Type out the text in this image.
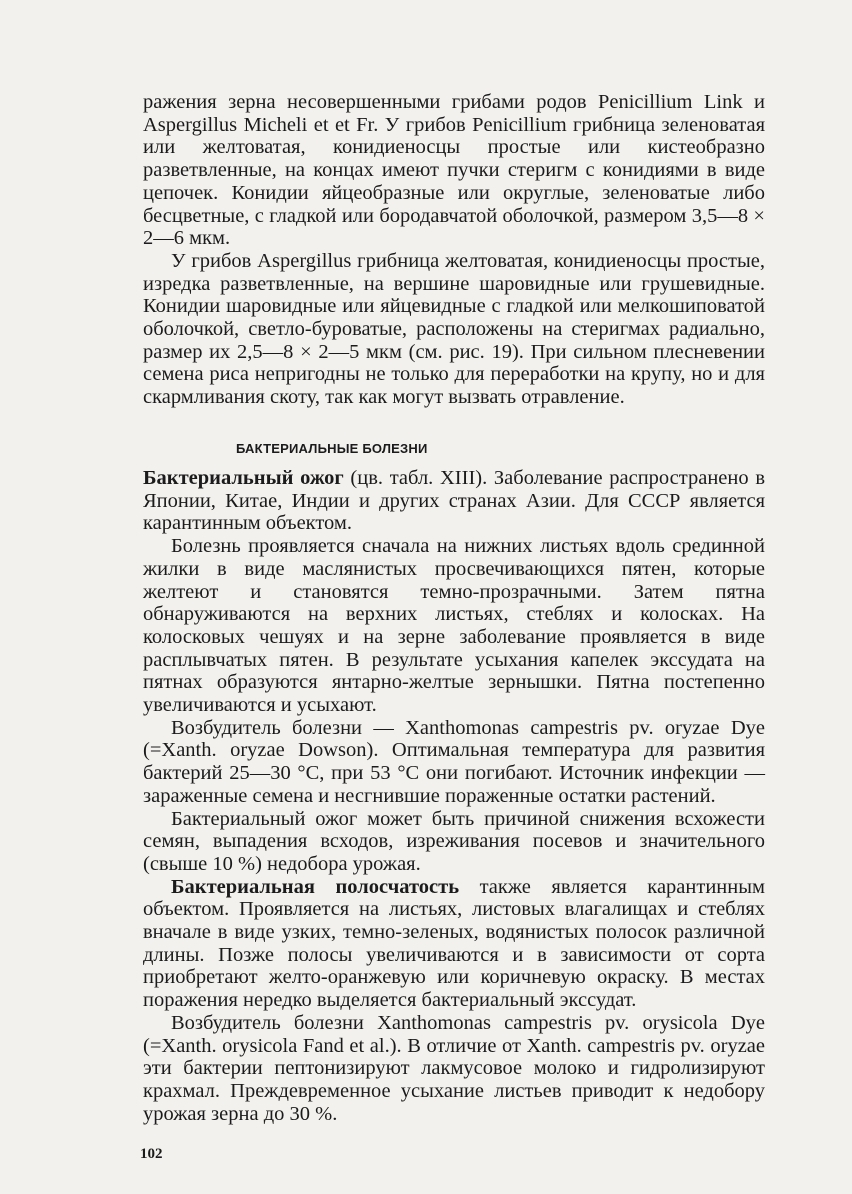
ражения зерна несовершенными грибами родов Penicillium Link и Aspergillus Micheli et et Fr. У грибов Penicillium грибница зеленоватая или желтоватая, конидиеносцы простые или кистеобразно разветвленные, на концах имеют пучки стеригм с конидиями в виде цепочек. Конидии яйцеобразные или округлые, зеленоватые либо бесцветные, с гладкой или бородавчатой оболочкой, размером 3,5—8 × 2—6 мкм.

У грибов Aspergillus грибница желтоватая, конидиеносцы простые, изредка разветвленные, на вершине шаровидные или грушевидные. Конидии шаровидные или яйцевидные с гладкой или мелкошиповатой оболочкой, светло-буроватые, расположены на стеригмах радиально, размер их 2,5—8 × 2—5 мкм (см. рис. 19). При сильном плесневении семена риса непригодны не только для переработки на крупу, но и для скармливания скоту, так как могут вызвать отравление.

БАКТЕРИАЛЬНЫЕ БОЛЕЗНИ

Бактериальный ожог (цв. табл. XIII). Заболевание распространено в Японии, Китае, Индии и других странах Азии. Для СССР является карантинным объектом.

Болезнь проявляется сначала на нижних листьях вдоль срединной жилки в виде маслянистых просвечивающихся пятен, которые желтеют и становятся темно-прозрачными. Затем пятна обнаруживаются на верхних листьях, стеблях и колосках. На колосковых чешуях и на зерне заболевание проявляется в виде расплывчатых пятен. В результате усыхания капелек экссудата на пятнах образуются янтарно-желтые зернышки. Пятна постепенно увеличиваются и усыхают.

Возбудитель болезни — Xanthomonas campestris pv. oryzae Dye (=Xanth. oryzae Dowson). Оптимальная температура для развития бактерий 25—30 °С, при 53 °С они погибают. Источник инфекции — зараженные семена и несгнившие пораженные остатки растений.

Бактериальный ожог может быть причиной снижения всхожести семян, выпадения всходов, изреживания посевов и значительного (свыше 10 %) недобора урожая.

Бактериальная полосчатость также является карантинным объектом. Проявляется на листьях, листовых влагалищах и стеблях вначале в виде узких, темно-зеленых, водянистых полосок различной длины. Позже полосы увеличиваются и в зависимости от сорта приобретают желто-оранжевую или коричневую окраску. В местах поражения нередко выделяется бактериальный экссудат.

Возбудитель болезни Xanthomonas campestris pv. orysicola Dye (=Xanth. orysicola Fand et al.). В отличие от Xanth. campestris pv. oryzae эти бактерии пептонизируют лакмусовое молоко и гидролизируют крахмал. Преждевременное усыхание листьев приводит к недобору урожая зерна до 30 %.

102
